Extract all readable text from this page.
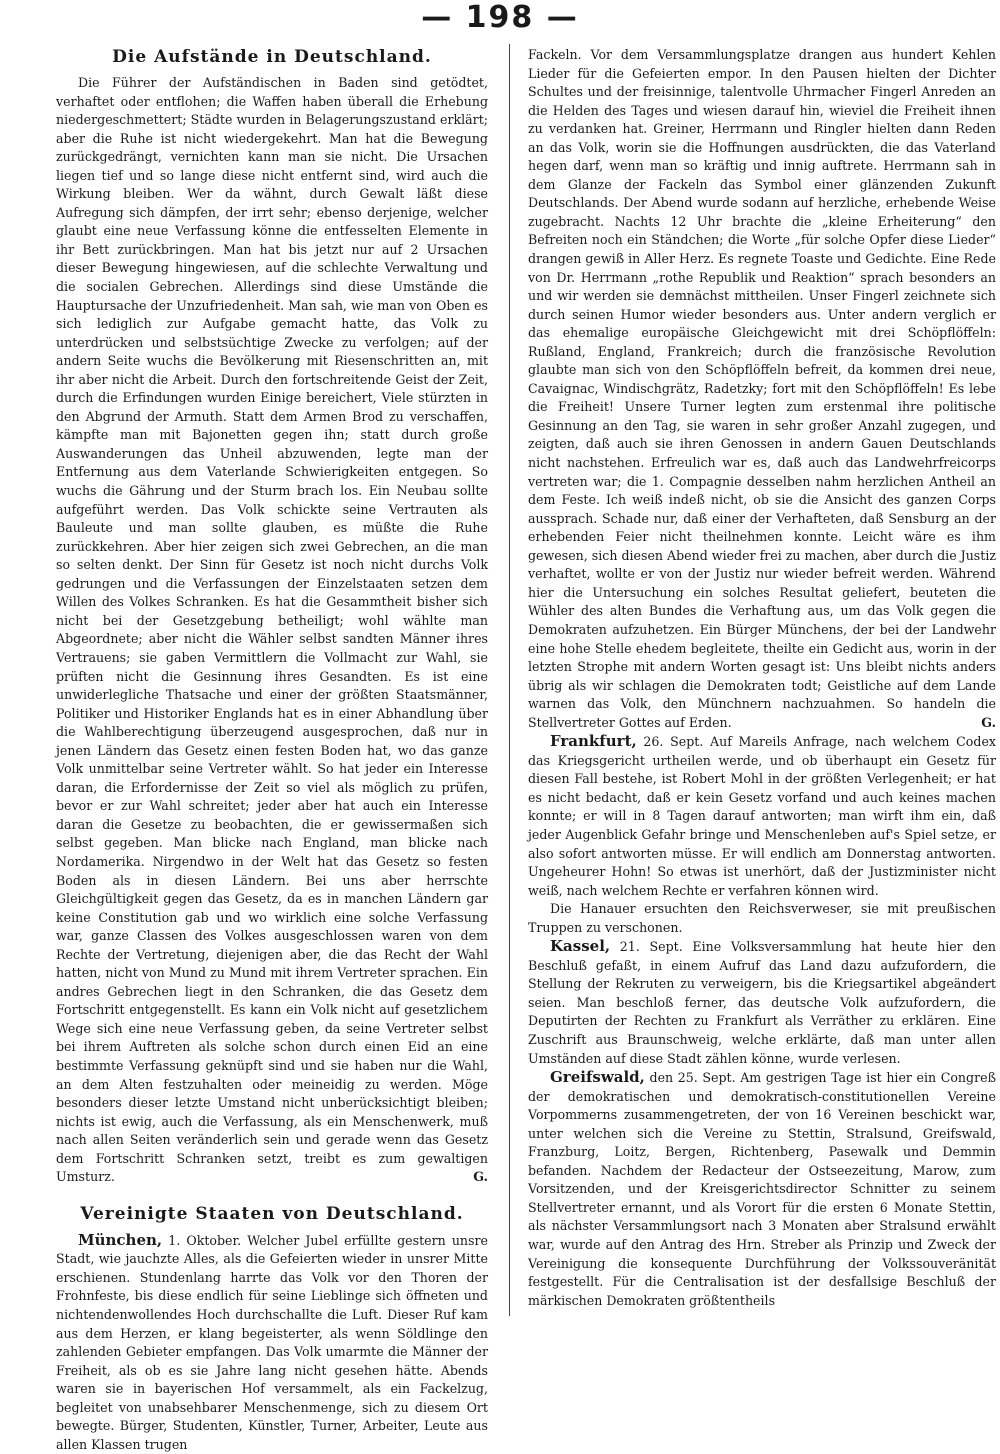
— 198 —
Die Aufstände in Deutschland.

Die Führer der Aufständischen in Baden sind getödtet, verhaftet oder entflohen; die Waffen haben überall die Erhebung niedergeschmettert; Städte wurden in Belagerungszustand erklärt; aber die Ruhe ist nicht wiedergekehrt. Man hat die Bewegung zurückgedrängt, vernichten kann man sie nicht. Die Ursachen liegen tief und so lange diese nicht entfernt sind, wird auch die Wirkung bleiben. Wer da wähnt, durch Gewalt läßt diese Aufregung sich dämpfen, der irrt sehr; ebenso derjenige, welcher glaubt eine neue Verfassung könne die entfesselten Elemente in ihr Bett zurückbringen. Man hat bis jetzt nur auf 2 Ursachen dieser Bewegung hingewiesen, auf die schlechte Verwaltung und die socialen Gebrechen. Allerdings sind diese Umstände die Hauptursache der Unzufriedenheit. Man sah, wie man von Oben es sich lediglich zur Aufgabe gemacht hatte, das Volk zu unterdrücken und selbstsüchtige Zwecke zu verfolgen; auf der andern Seite wuchs die Bevölkerung mit Riesenschritten an, mit ihr aber nicht die Arbeit. Durch den fortschreitende Geist der Zeit, durch die Erfindungen wurden Einige bereichert, Viele stürzten in den Abgrund der Armuth. Statt dem Armen Brod zu verschaffen, kämpfte man mit Bajonetten gegen ihn; statt durch große Auswanderungen das Unheil abzuwenden, legte man der Entfernung aus dem Vaterlande Schwierigkeiten entgegen. So wuchs die Gährung und der Sturm brach los. Ein Neubau sollte aufgeführt werden. Das Volk schickte seine Vertrauten als Bauleute und man sollte glauben, es müßte die Ruhe zurückkehren. Aber hier zeigen sich zwei Gebrechen, an die man so selten denkt. Der Sinn für Gesetz ist noch nicht durchs Volk gedrungen und die Verfassungen der Einzelstaaten setzen dem Willen des Volkes Schranken. Es hat die Gesammtheit bisher sich nicht bei der Gesetzgebung betheiligt; wohl wählte man Abgeordnete; aber nicht die Wähler selbst sandten Männer ihres Vertrauens; sie gaben Vermittlern die Vollmacht zur Wahl, sie prüften nicht die Gesinnung ihres Gesandten. Es ist eine unwiderlegliche Thatsache und einer der größten Staatsmänner, Politiker und Historiker Englands hat es in einer Abhandlung über die Wahlberechtigung überzeugend ausgesprochen, daß nur in jenen Ländern das Gesetz einen festen Boden hat, wo das ganze Volk unmittelbar seine Vertreter wählt. So hat jeder ein Interesse daran, die Erfordernisse der Zeit so viel als möglich zu prüfen, bevor er zur Wahl schreitet; jeder aber hat auch ein Interesse daran die Gesetze zu beobachten, die er gewissermaßen sich selbst gegeben. Man blicke nach England, man blicke nach Nordamerika. Nirgendwo in der Welt hat das Gesetz so festen Boden als in diesen Ländern. Bei uns aber herrschte Gleichgültigkeit gegen das Gesetz, da es in manchen Ländern gar keine Constitution gab und wo wirklich eine solche Verfassung war, ganze Classen des Volkes ausgeschlossen waren von dem Rechte der Vertretung, diejenigen aber, die das Recht der Wahl hatten, nicht von Mund zu Mund mit ihrem Vertreter sprachen. Ein andres Gebrechen liegt in den Schranken, die das Gesetz dem Fortschritt entgegenstellt. Es kann ein Volk nicht auf gesetzlichem Wege sich eine neue Verfassung geben, da seine Vertreter selbst bei ihrem Auftreten als solche schon durch einen Eid an eine bestimmte Verfassung geknüpft sind und sie haben nur die Wahl, an dem Alten festzuhalten oder meineidig zu werden. Möge besonders dieser letzte Umstand nicht unberücksichtigt bleiben; nichts ist ewig, auch die Verfassung, als ein Menschenwerk, muß nach allen Seiten veränderlich sein und gerade wenn das Gesetz dem Fortschritt Schranken setzt, treibt es zum gewaltigen Umsturz.	G.

Vereinigte Staaten von Deutschland.

München, 1. Oktober. Welcher Jubel erfüllte gestern unsre Stadt, wie jauchzte Alles, als die Gefeierten wieder in unsrer Mitte erschienen. Stundenlang harrte das Volk vor den Thoren der Frohnfeste, bis diese endlich für seine Lieblinge sich öffneten und nichtendenwollendes Hoch durchschallte die Luft. Dieser Ruf kam aus dem Herzen, er klang begeisterter, als wenn Söldlinge den zahlenden Gebieter empfangen. Das Volk umarmte die Männer der Freiheit, als ob es sie Jahre lang nicht gesehen hätte. Abends waren sie in bayerischen Hof versammelt, als ein Fackelzug, begleitet von unabsehbarer Menschenmenge, sich zu diesem Ort bewegte. Bürger, Studenten, Künstler, Turner, Arbeiter, Leute aus allen Klassen trugen

Fackeln. Vor dem Versammlungsplatze drangen aus hundert Kehlen Lieder für die Gefeierten empor. In den Pausen hielten der Dichter Schultes und der freisinnige, talentvolle Uhrmacher Fingerl Anreden an die Helden des Tages und wiesen darauf hin, wieviel die Freiheit ihnen zu verdanken hat. Greiner, Herrmann und Ringler hielten dann Reden an das Volk, worin sie die Hoffnungen ausdrückten, die das Vaterland hegen darf, wenn man so kräftig und innig auftrete. Herrmann sah in dem Glanze der Fackeln das Symbol einer glänzenden Zukunft Deutschlands. Der Abend wurde sodann auf herzliche, erhebende Weise zugebracht. Nachts 12 Uhr brachte die „kleine Erheiterung“ den Befreiten noch ein Ständchen; die Worte „für solche Opfer diese Lieder“ drangen gewiß in Aller Herz. Es regnete Toaste und Gedichte. Eine Rede von Dr. Herrmann „rothe Republik und Reaktion“ sprach besonders an und wir werden sie demnächst mittheilen. Unser Fingerl zeichnete sich durch seinen Humor wieder besonders aus. Unter andern verglich er das ehemalige europäische Gleichgewicht mit drei Schöpflöffeln: Rußland, England, Frankreich; durch die französische Revolution glaubte man sich von den Schöpflöffeln befreit, da kommen drei neue, Cavaignac, Windischgrätz, Radetzky; fort mit den Schöpflöffeln! Es lebe die Freiheit! Unsere Turner legten zum erstenmal ihre politische Gesinnung an den Tag, sie waren in sehr großer Anzahl zugegen, und zeigten, daß auch sie ihren Genossen in andern Gauen Deutschlands nicht nachstehen. Erfreulich war es, daß auch das Landwehrfreicorps vertreten war; die 1. Compagnie desselben nahm herzlichen Antheil an dem Feste. Ich weiß indeß nicht, ob sie die Ansicht des ganzen Corps aussprach. Schade nur, daß einer der Verhafteten, daß Sensburg an der erhebenden Feier nicht theilnehmen konnte. Leicht wäre es ihm gewesen, sich diesen Abend wieder frei zu machen, aber durch die Justiz verhaftet, wollte er von der Justiz nur wieder befreit werden. Während hier die Untersuchung ein solches Resultat geliefert, beuteten die Wühler des alten Bundes die Verhaftung aus, um das Volk gegen die Demokraten aufzuhetzen. Ein Bürger Münchens, der bei der Landwehr eine hohe Stelle ehedem begleitete, theilte ein Gedicht aus, worin in der letzten Strophe mit andern Worten gesagt ist: Uns bleibt nichts anders übrig als wir schlagen die Demokraten todt; Geistliche auf dem Lande warnen das Volk, den Münchnern nachzuahmen. So handeln die Stellvertreter Gottes auf Erden.	G.

Frankfurt, 26. Sept. Auf Mareils Anfrage, nach welchem Codex das Kriegsgericht urtheilen werde, und ob überhaupt ein Gesetz für diesen Fall bestehe, ist Robert Mohl in der größten Verlegenheit; er hat es nicht bedacht, daß er kein Gesetz vorfand und auch keines machen konnte; er will in 8 Tagen darauf antworten; man wirft ihm ein, daß jeder Augenblick Gefahr bringe und Menschenleben auf's Spiel setze, er also sofort antworten müsse. Er will endlich am Donnerstag antworten. Ungeheurer Hohn! So etwas ist unerhört, daß der Justizminister nicht weiß, nach welchem Rechte er verfahren können wird.

Die Hanauer ersuchten den Reichsverweser, sie mit preußischen Truppen zu verschonen.

Kassel, 21. Sept. Eine Volksversammlung hat heute hier den Beschluß gefaßt, in einem Aufruf das Land dazu aufzufordern, die Stellung der Rekruten zu verweigern, bis die Kriegsartikel abgeändert seien. Man beschloß ferner, das deutsche Volk aufzufordern, die Deputirten der Rechten zu Frankfurt als Verräther zu erklären. Eine Zuschrift aus Braunschweig, welche erklärte, daß man unter allen Umständen auf diese Stadt zählen könne, wurde verlesen.

Greifswald, den 25. Sept. Am gestrigen Tage ist hier ein Congreß der demokratischen und demokratisch-constitutionellen Vereine Vorpommerns zusammengetreten, der von 16 Vereinen beschickt war, unter welchen sich die Vereine zu Stettin, Stralsund, Greifswald, Franzburg, Loitz, Bergen, Richtenberg, Pasewalk und Demmin befanden. Nachdem der Redacteur der Ostseezeitung, Marow, zum Vorsitzenden, und der Kreisgerichtsdirector Schnitter zu seinem Stellvertreter ernannt, und als Vorort für die ersten 6 Monate Stettin, als nächster Versammlungsort nach 3 Monaten aber Stralsund erwählt war, wurde auf den Antrag des Hrn. Streber als Prinzip und Zweck der Vereinigung die konsequente Durchführung der Volkssouveränität festgestellt. Für die Centralisation ist der desfallsige Beschluß der märkischen Demokraten größtentheils
